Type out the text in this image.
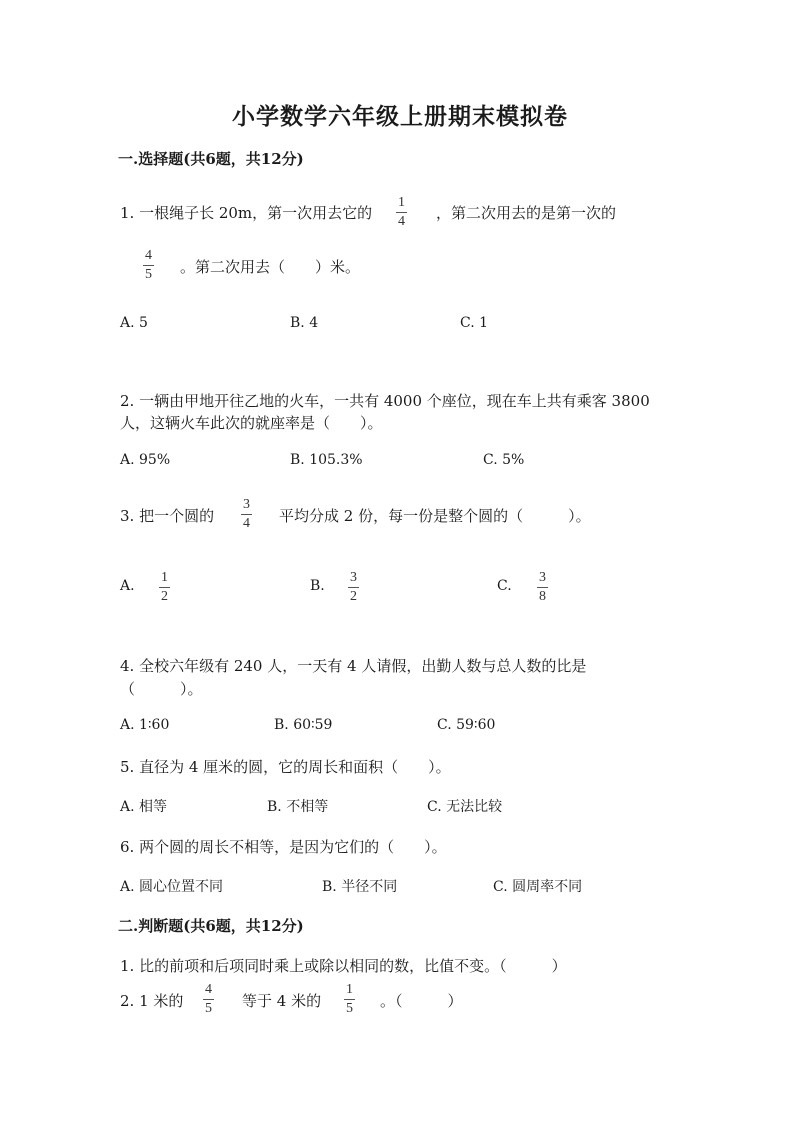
小学数学六年级上册期末模拟卷
一.选择题(共6题，共12分)
1. 一根绳子长 20m，第一次用去它的 $\frac{1}{4}$ ，第二次用去的是第一次的
$\frac{4}{5}$ 。第二次用去（　　）米。
A. 5	B. 4	C. 1
2. 一辆由甲地开往乙地的火车，一共有 4000 个座位，现在车上共有乘客 3800
人，这辆火车此次的就座率是（　　）。
A. 95%	B. 105.3%	C. 5%
3. 把一个圆的 $\frac{3}{4}$ 平均分成 2 份，每一份是整个圆的（　　　）。
A. $\frac{1}{2}$	B. $\frac{3}{2}$	C. $\frac{3}{8}$
4. 全校六年级有 240 人，一天有 4 人请假，出勤人数与总人数的比是
（　　　）。
A. 1∶60	B. 60∶59	C. 59∶60
5. 直径为 4 厘米的圆，它的周长和面积（　　）。
A. 相等	B. 不相等	C. 无法比较
6. 两个圆的周长不相等，是因为它们的（　　）。
A. 圆心位置不同	B. 半径不同	C. 圆周率不同
二.判断题(共6题，共12分)
1. 比的前项和后项同时乘上或除以相同的数，比值不变。（　　　）
2. 1 米的 $\frac{4}{5}$ 等于 4 米的 $\frac{1}{5}$ 。（　　　）
